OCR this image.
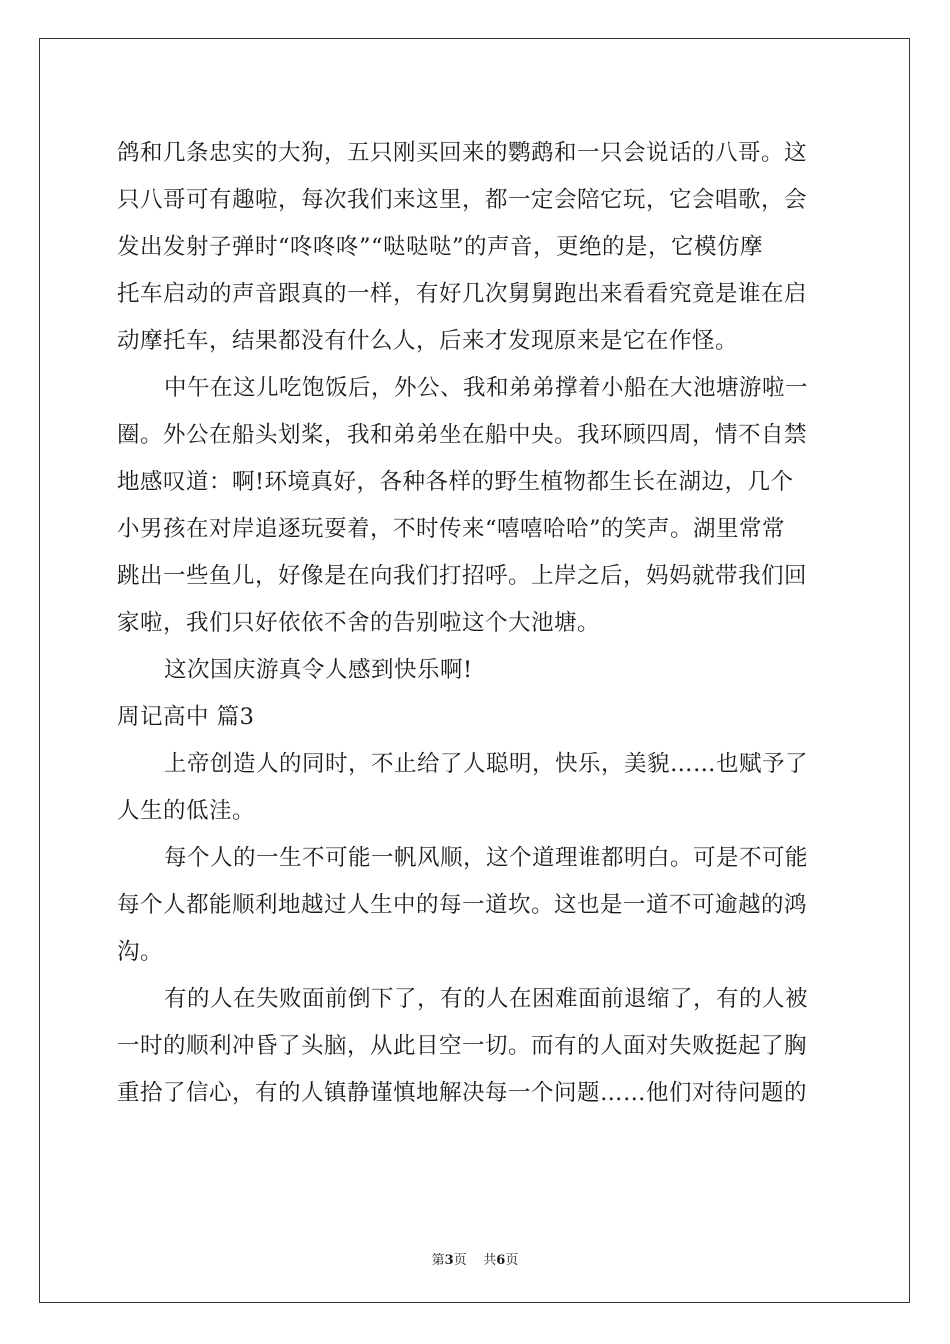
鸽和几条忠实的大狗，五只刚买回来的鹦鹉和一只会说话的八哥。这
只八哥可有趣啦，每次我们来这里，都一定会陪它玩，它会唱歌，会
发出发射子弹时“咚咚咚”“哒哒哒”的声音，更绝的是，它模仿摩
托车启动的声音跟真的一样，有好几次舅舅跑出来看看究竟是谁在启
动摩托车，结果都没有什么人，后来才发现原来是它在作怪。
中午在这儿吃饱饭后，外公、我和弟弟撑着小船在大池塘游啦一
圈。外公在船头划桨，我和弟弟坐在船中央。我环顾四周，情不自禁
地感叹道：啊!环境真好，各种各样的野生植物都生长在湖边，几个
小男孩在对岸追逐玩耍着，不时传来“嘻嘻哈哈”的笑声。湖里常常
跳出一些鱼儿，好像是在向我们打招呼。上岸之后，妈妈就带我们回
家啦，我们只好依依不舍的告别啦这个大池塘。
这次国庆游真令人感到快乐啊!
周记高中 篇3
上帝创造人的同时，不止给了人聪明，快乐，美貌……也赋予了
人生的低洼。
每个人的一生不可能一帆风顺，这个道理谁都明白。可是不可能
每个人都能顺利地越过人生中的每一道坎。这也是一道不可逾越的鸿
沟。
有的人在失败面前倒下了，有的人在困难面前退缩了，有的人被
一时的顺利冲昏了头脑，从此目空一切。而有的人面对失败挺起了胸
重拾了信心，有的人镇静谨慎地解决每一个问题……他们对待问题的
第3页 共6页
